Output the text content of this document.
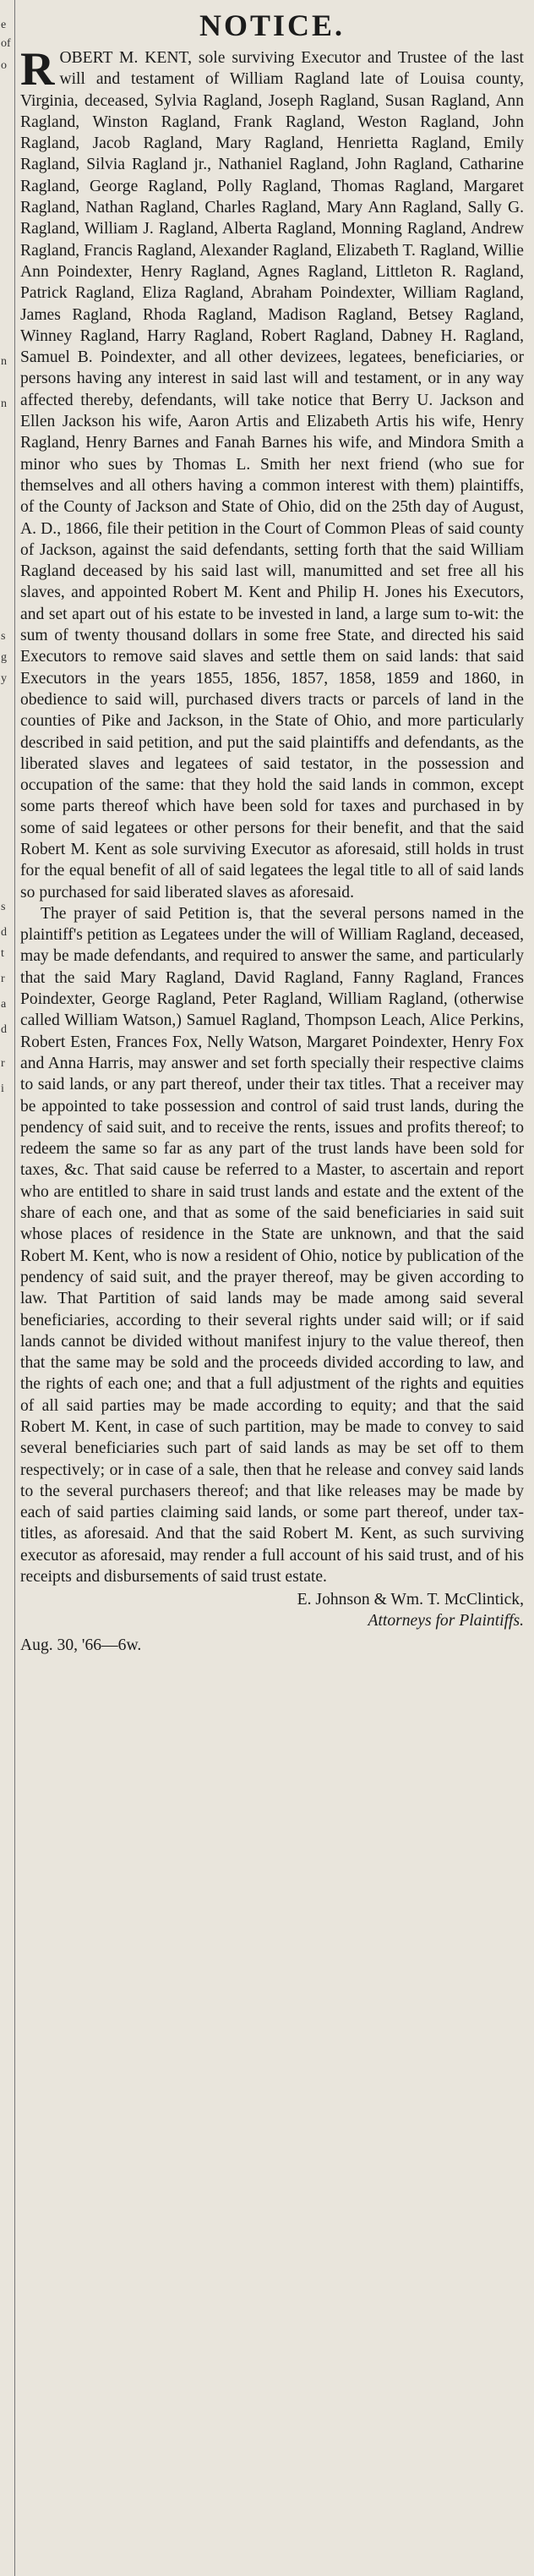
e
of
o
n
n
s
g
y
s
d
t
r
a
d
r
i
NOTICE.

R OBERT M. KENT, sole surviving Executor and Trustee of the last will and testament of William Ragland late of Louisa county, Virginia, deceased, Sylvia Ragland, Joseph Ragland, Susan Ragland, Ann Ragland, Winston Ragland, Frank Ragland, Weston Ragland, John Ragland, Jacob Ragland, Mary Ragland, Henrietta Ragland, Emily Ragland, Silvia Ragland jr., Nathaniel Ragland, John Ragland, Catharine Ragland, George Ragland, Polly Ragland, Thomas Ragland, Margaret Ragland, Nathan Ragland, Charles Ragland, Mary Ann Ragland, Sally G. Ragland, William J. Ragland, Alberta Ragland, Monning Ragland, Andrew Ragland, Francis Ragland, Alexander Ragland, Elizabeth T. Ragland, Willie Ann Poindexter, Henry Ragland, Agnes Ragland, Littleton R. Ragland, Patrick Ragland, Eliza Ragland, Abraham Poindexter, William Ragland, James Ragland, Rhoda Ragland, Madison Ragland, Betsey Ragland, Winney Ragland, Harry Ragland, Robert Ragland, Dabney H. Ragland, Samuel B. Poindexter, and all other devizees, legatees, beneficiaries, or persons having any interest in said last will and testament, or in any way affected thereby, defendants, will take notice that Berry U. Jackson and Ellen Jackson his wife, Aaron Artis and Elizabeth Artis his wife, Henry Ragland, Henry Barnes and Fanah Barnes his wife, and Mindora Smith a minor who sues by Thomas L. Smith her next friend (who sue for themselves and all others having a common interest with them) plaintiffs, of the County of Jackson and State of Ohio, did on the 25th day of August, A. D., 1866, file their petition in the Court of Common Pleas of said county of Jackson, against the said defendants, setting forth that the said William Ragland deceased by his said last will, manumitted and set free all his slaves, and appointed Robert M. Kent and Philip H. Jones his Executors, and set apart out of his estate to be invested in land, a large sum to-wit: the sum of twenty thousand dollars in some free State, and directed his said Executors to remove said slaves and settle them on said lands: that said Executors in the years 1855, 1856, 1857, 1858, 1859 and 1860, in obedience to said will, purchased divers tracts or parcels of land in the counties of Pike and Jackson, in the State of Ohio, and more particularly described in said petition, and put the said plaintiffs and defendants, as the liberated slaves and legatees of said testator, in the possession and occupation of the same: that they hold the said lands in common, except some parts thereof which have been sold for taxes and purchased in by some of said legatees or other persons for their benefit, and that the said Robert M. Kent as sole surviving Executor as aforesaid, still holds in trust for the equal benefit of all of said legatees the legal title to all of said lands so purchased for said liberated slaves as aforesaid.

The prayer of said Petition is, that the several persons named in the plaintiff's petition as Legatees under the will of William Ragland, deceased, may be made defendants, and required to answer the same, and particularly that the said Mary Ragland, David Ragland, Fanny Ragland, Frances Poindexter, George Ragland, Peter Ragland, William Ragland, (otherwise called William Watson,) Samuel Ragland, Thompson Leach, Alice Perkins, Robert Esten, Frances Fox, Nelly Watson, Margaret Poindexter, Henry Fox and Anna Harris, may answer and set forth specially their respective claims to said lands, or any part thereof, under their tax titles. That a receiver may be appointed to take possession and control of said trust lands, during the pendency of said suit, and to receive the rents, issues and profits thereof; to redeem the same so far as any part of the trust lands have been sold for taxes, &c. That said cause be referred to a Master, to ascertain and report who are entitled to share in said trust lands and estate and the extent of the share of each one, and that as some of the said beneficiaries in said suit whose places of residence in the State are unknown, and that the said Robert M. Kent, who is now a resident of Ohio, notice by publication of the pendency of said suit, and the prayer thereof, may be given according to law. That Partition of said lands may be made among said several beneficiaries, according to their several rights under said will; or if said lands cannot be divided without manifest injury to the value thereof, then that the same may be sold and the proceeds divided according to law, and the rights of each one; and that a full adjustment of the rights and equities of all said parties may be made according to equity; and that the said Robert M. Kent, in case of such partition, may be made to convey to said several beneficiaries such part of said lands as may be set off to them respectively; or in case of a sale, then that he release and convey said lands to the several purchasers thereof; and that like releases may be made by each of said parties claiming said lands, or some part thereof, under tax-titles, as aforesaid. And that the said Robert M. Kent, as such surviving executor as aforesaid, may render a full account of his said trust, and of his receipts and disbursements of said trust estate.

E. Johnson & Wm. T. McClintick,
Attorneys for Plaintiffs.
Aug. 30, '66—6w.
